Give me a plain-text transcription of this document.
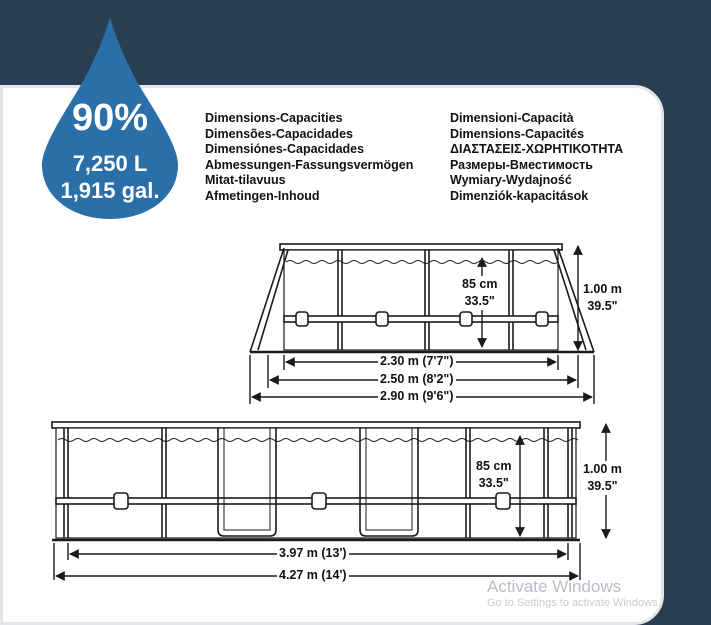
90%
7,250 L
1,915 gal.
Dimensions-Capacities
Dimensões-Capacidades
Dimensiónes-Capacidades
Abmessungen-Fassungsvermögen
Mitat-tilavuus
Afmetingen-Inhoud
Dimensioni-Capacità
Dimensions-Capacités
ΔΙΑΣΤΑΣΕΙΣ-ΧΩΡΗΤΙΚΟΤΗΤΑ
Размеры-Вместимость
Wymiary-Wydajność
Dimenziók-kapacitások
85 cm
33.5"
1.00 m
39.5"
2.30 m (7'7")
2.50 m (8'2")
2.90 m (9'6")
85 cm
33.5"
1.00 m
39.5"
3.97 m (13')
4.27 m (14')
Activate Windows
Go to Settings to activate Windows.
